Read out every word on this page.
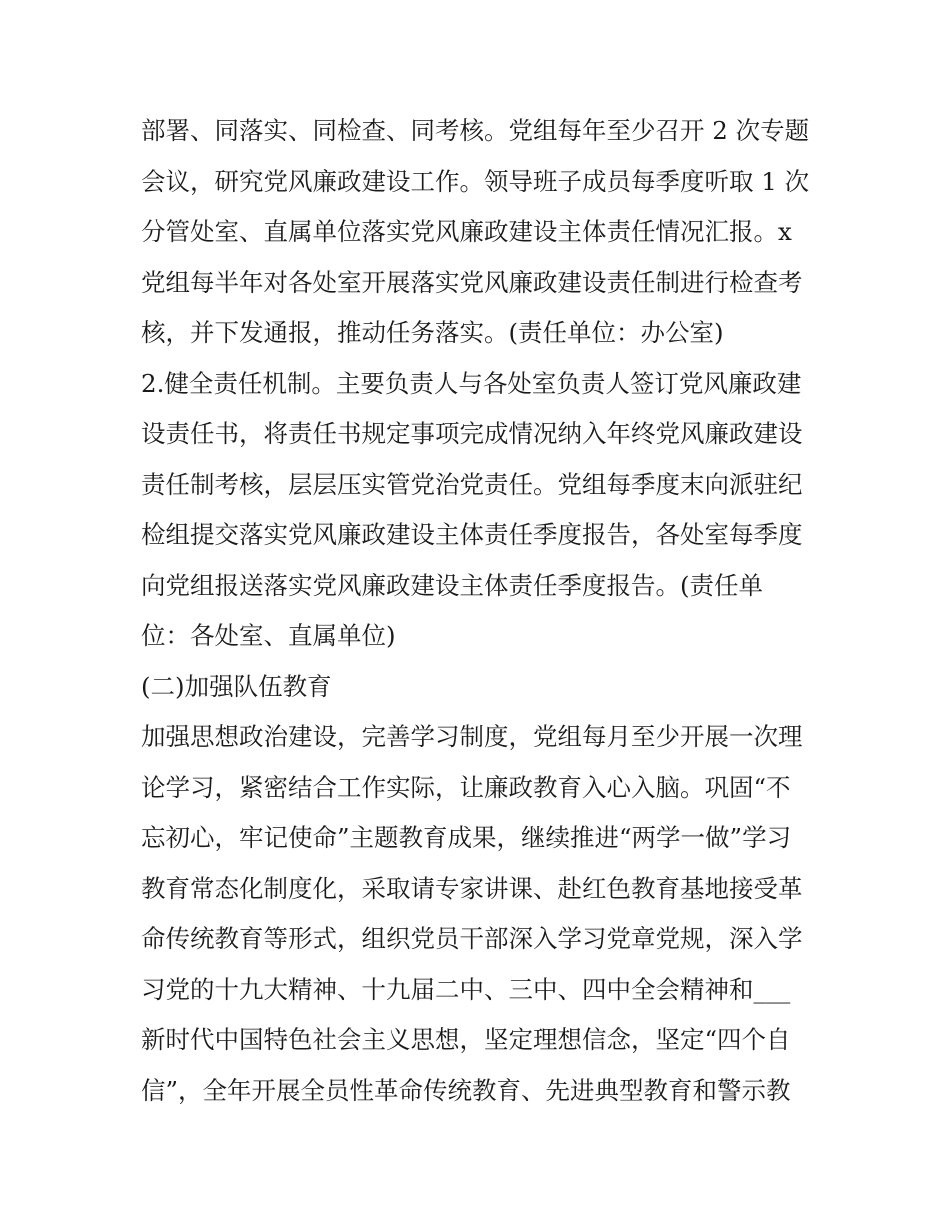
部署、同落实、同检查、同考核。党组每年至少召开 2 次专题
会议，研究党风廉政建设工作。领导班子成员每季度听取 1 次
分管处室、直属单位落实党风廉政建设主体责任情况汇报。x
党组每半年对各处室开展落实党风廉政建设责任制进行检查考
核，并下发通报，推动任务落实。(责任单位：办公室)
2.健全责任机制。主要负责人与各处室负责人签订党风廉政建
设责任书，将责任书规定事项完成情况纳入年终党风廉政建设
责任制考核，层层压实管党治党责任。党组每季度末向派驻纪
检组提交落实党风廉政建设主体责任季度报告，各处室每季度
向党组报送落实党风廉政建设主体责任季度报告。(责任单
位：各处室、直属单位)
(二)加强队伍教育
加强思想政治建设，完善学习制度，党组每月至少开展一次理
论学习，紧密结合工作实际，让廉政教育入心入脑。巩固“不
忘初心，牢记使命”主题教育成果，继续推进“两学一做”学习
教育常态化制度化，采取请专家讲课、赴红色教育基地接受革
命传统教育等形式，组织党员干部深入学习党章党规，深入学
习党的十九大精神、十九届二中、三中、四中全会精神和___
新时代中国特色社会主义思想，坚定理想信念，坚定“四个自
信”，全年开展全员性革命传统教育、先进典型教育和警示教
